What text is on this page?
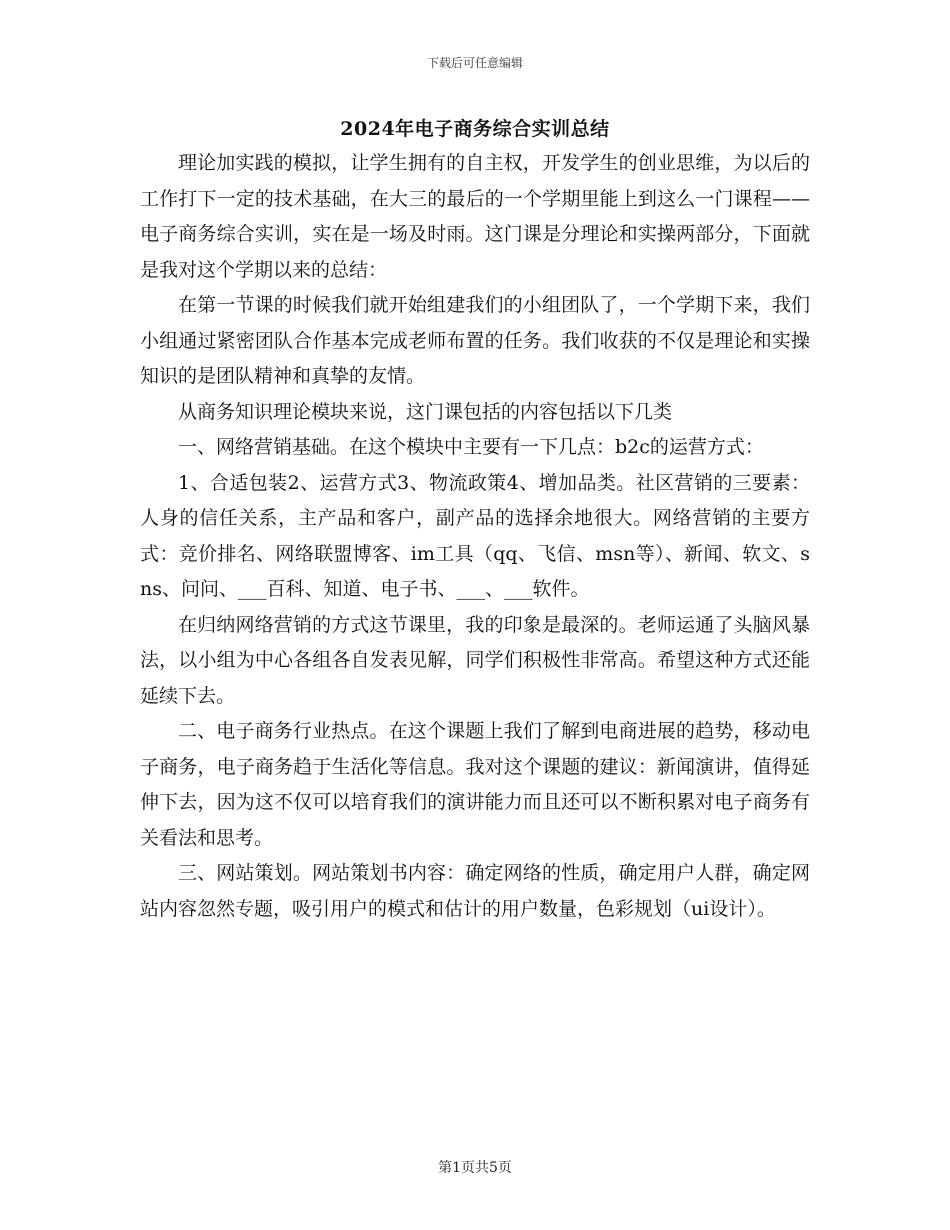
下载后可任意编辑
2024年电子商务综合实训总结

理论加实践的模拟，让学生拥有的自主权，开发学生的创业思维，为以后的工作打下一定的技术基础，在大三的最后的一个学期里能上到这么一门课程——电子商务综合实训，实在是一场及时雨。这门课是分理论和实操两部分，下面就是我对这个学期以来的总结：

在第一节课的时候我们就开始组建我们的小组团队了，一个学期下来，我们小组通过紧密团队合作基本完成老师布置的任务。我们收获的不仅是理论和实操知识的是团队精神和真挚的友情。

从商务知识理论模块来说，这门课包括的内容包括以下几类

一、网络营销基础。在这个模块中主要有一下几点：b2c的运营方式：

1、合适包装2、运营方式3、物流政策4、增加品类。社区营销的三要素：人身的信任关系，主产品和客户，副产品的选择余地很大。网络营销的主要方式：竞价排名、网络联盟博客、im工具（qq、飞信、msn等）、新闻、软文、sns、问问、___百科、知道、电子书、___、___软件。

在归纳网络营销的方式这节课里，我的印象是最深的。老师运通了头脑风暴法，以小组为中心各组各自发表见解，同学们积极性非常高。希望这种方式还能延续下去。

二、电子商务行业热点。在这个课题上我们了解到电商进展的趋势，移动电子商务，电子商务趋于生活化等信息。我对这个课题的建议：新闻演讲，值得延伸下去，因为这不仅可以培育我们的演讲能力而且还可以不断积累对电子商务有关看法和思考。

三、网站策划。网站策划书内容：确定网络的性质，确定用户人群，确定网站内容忽然专题，吸引用户的模式和估计的用户数量，色彩规划（ui设计）。

第1页共5页
